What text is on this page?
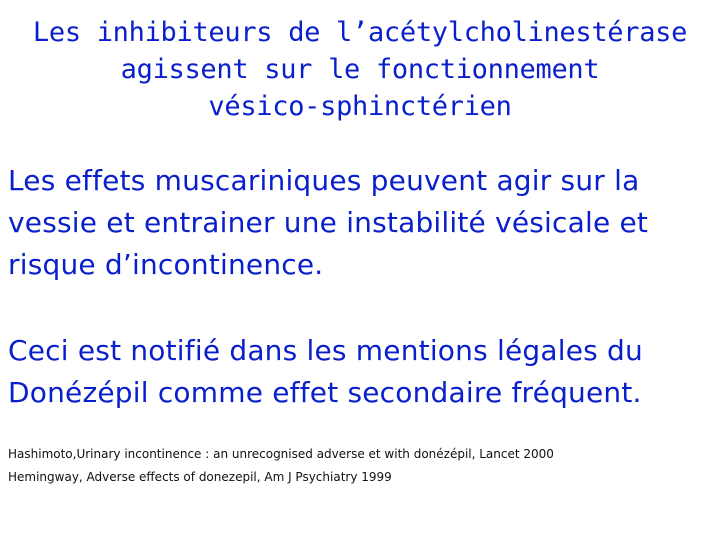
Les inhibiteurs de l’acétylcholinestérase
agissent sur le fonctionnement
vésico-sphinctérien
Les effets muscariniques peuvent agir sur la
vessie et entrainer une instabilité vésicale et
risque d’incontinence.
Ceci est notifié dans les mentions légales du
Donézépil comme effet secondaire fréquent.
Hashimoto,Urinary incontinence : an unrecognised adverse et with donézépil, Lancet 2000
Hemingway, Adverse effects of donezepil, Am J Psychiatry 1999
